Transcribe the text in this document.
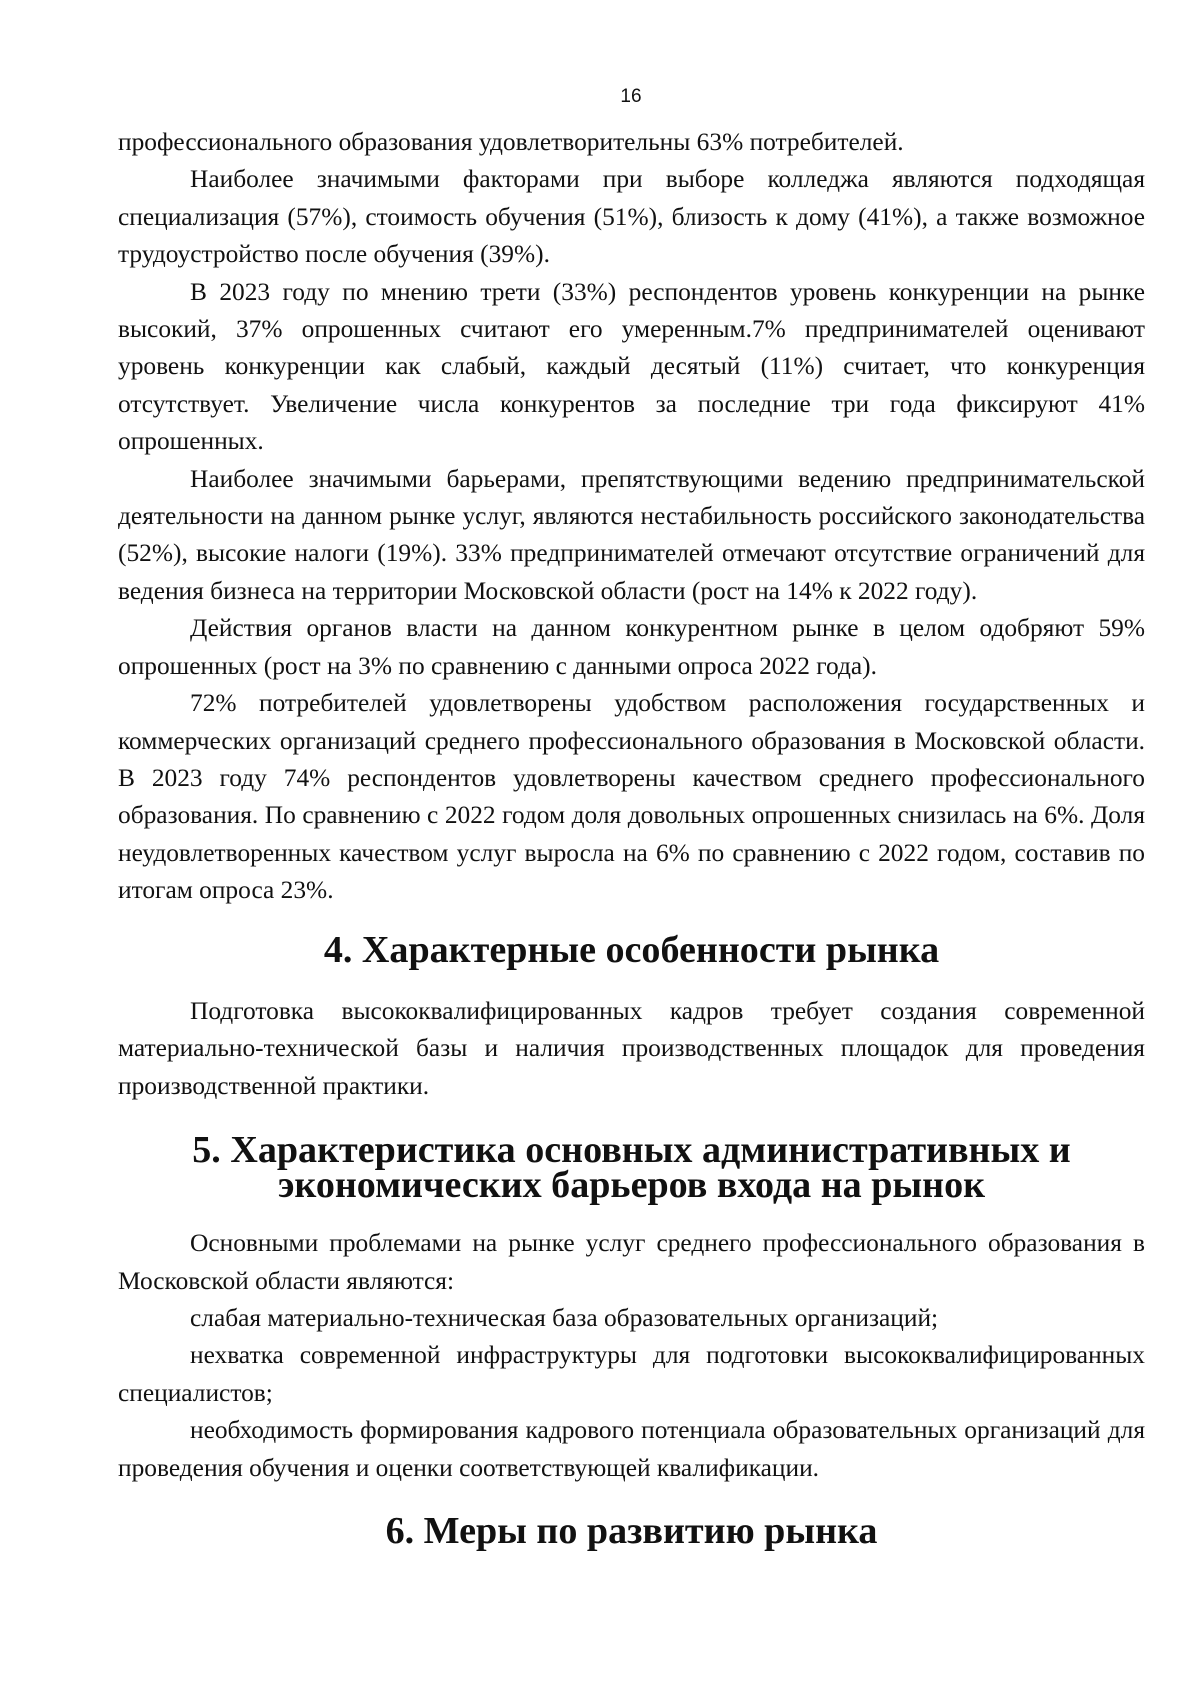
16

профессионального образования удовлетворительны 63% потребителей.

Наиболее значимыми факторами при выборе колледжа являются подходящая специализация (57%), стоимость обучения (51%), близость к дому (41%), а также возможное трудоустройство после обучения (39%).

В 2023 году по мнению трети (33%) респондентов уровень конкуренции на рынке высокий, 37% опрошенных считают его умеренным.7% предпринимателей оценивают уровень конкуренции как слабый, каждый десятый (11%) считает, что конкуренция отсутствует. Увеличение числа конкурентов за последние три года фиксируют 41% опрошенных.

Наиболее значимыми барьерами, препятствующими ведению предпринимательской деятельности на данном рынке услуг, являются нестабильность российского законодательства (52%), высокие налоги (19%). 33% предпринимателей отмечают отсутствие ограничений для ведения бизнеса на территории Московской области (рост на 14% к 2022 году).

Действия органов власти на данном конкурентном рынке в целом одобряют 59% опрошенных (рост на 3% по сравнению с данными опроса 2022 года).

72% потребителей удовлетворены удобством расположения государственных и коммерческих организаций среднего профессионального образования в Московской области. В 2023 году 74% респондентов удовлетворены качеством среднего профессионального образования. По сравнению с 2022 годом доля довольных опрошенных снизилась на 6%. Доля неудовлетворенных качеством услуг выросла на 6% по сравнению с 2022 годом, составив по итогам опроса 23%.

4. Характерные особенности рынка

Подготовка высококвалифицированных кадров требует создания современной материально-технической базы и наличия производственных площадок для проведения производственной практики.

5. Характеристика основных административных и экономических барьеров входа на рынок

Основными проблемами на рынке услуг среднего профессионального образования в Московской области являются:

слабая материально-техническая база образовательных организаций;

нехватка современной инфраструктуры для подготовки высококвалифицированных специалистов;

необходимость формирования кадрового потенциала образовательных организаций для проведения обучения и оценки соответствующей квалификации.

6. Меры по развитию рынка
